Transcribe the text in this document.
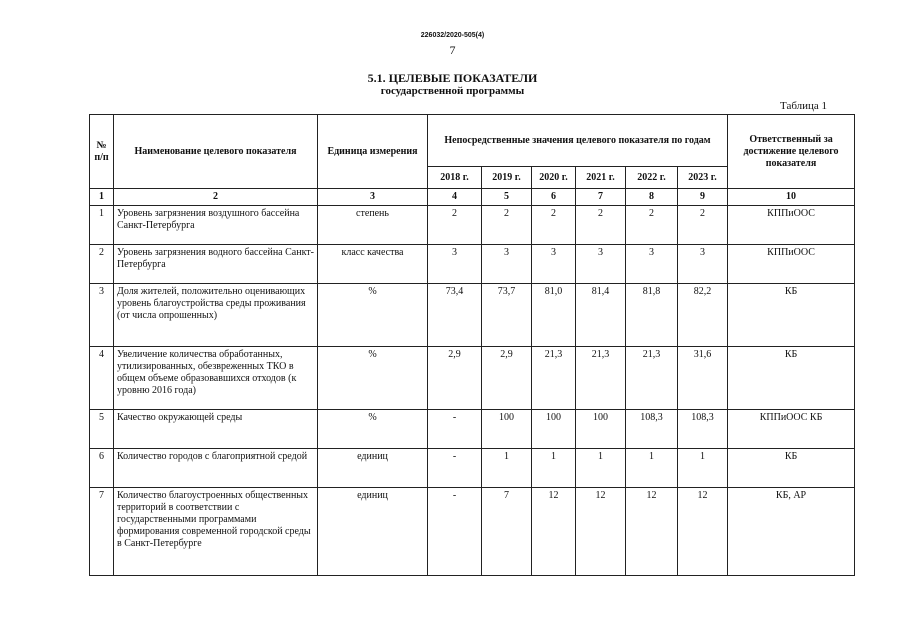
226032/2020-505(4)
7
5.1. ЦЕЛЕВЫЕ ПОКАЗАТЕЛИ
государственной программы
Таблица 1
№ п/п	Наименование целевого показателя	Единица измерения	Непосредственные значения целевого показателя по годам						Ответственный за достижение целевого показателя
			2018 г.	2019 г.	2020 г.	2021 г.	2022 г.	2023 г.	
1	2	3	4	5	6	7	8	9	10
1	Уровень загрязнения воздушного бассейна Санкт-Петербурга	степень	2	2	2	2	2	2	КППиООС
2	Уровень загрязнения водного бассейна Санкт-Петербурга	класс качества	3	3	3	3	3	3	КППиООС
3	Доля жителей, положительно оценивающих уровень благоустройства среды проживания (от числа опрошенных)	%	73,4	73,7	81,0	81,4	81,8	82,2	КБ
4	Увеличение количества обработанных, утилизированных, обезвреженных ТКО в общем объеме образовавшихся отходов (к уровню 2016 года)	%	2,9	2,9	21,3	21,3	21,3	31,6	КБ
5	Качество окружающей среды	%	-	100	100	100	108,3	108,3	КППиООС КБ
6	Количество городов с благоприятной средой	единиц	-	1	1	1	1	1	КБ
7	Количество благоустроенных общественных территорий в соответствии с государственными программами формирования современной городской среды в Санкт-Петербурге	единиц	-	7	12	12	12	12	КБ, АР
